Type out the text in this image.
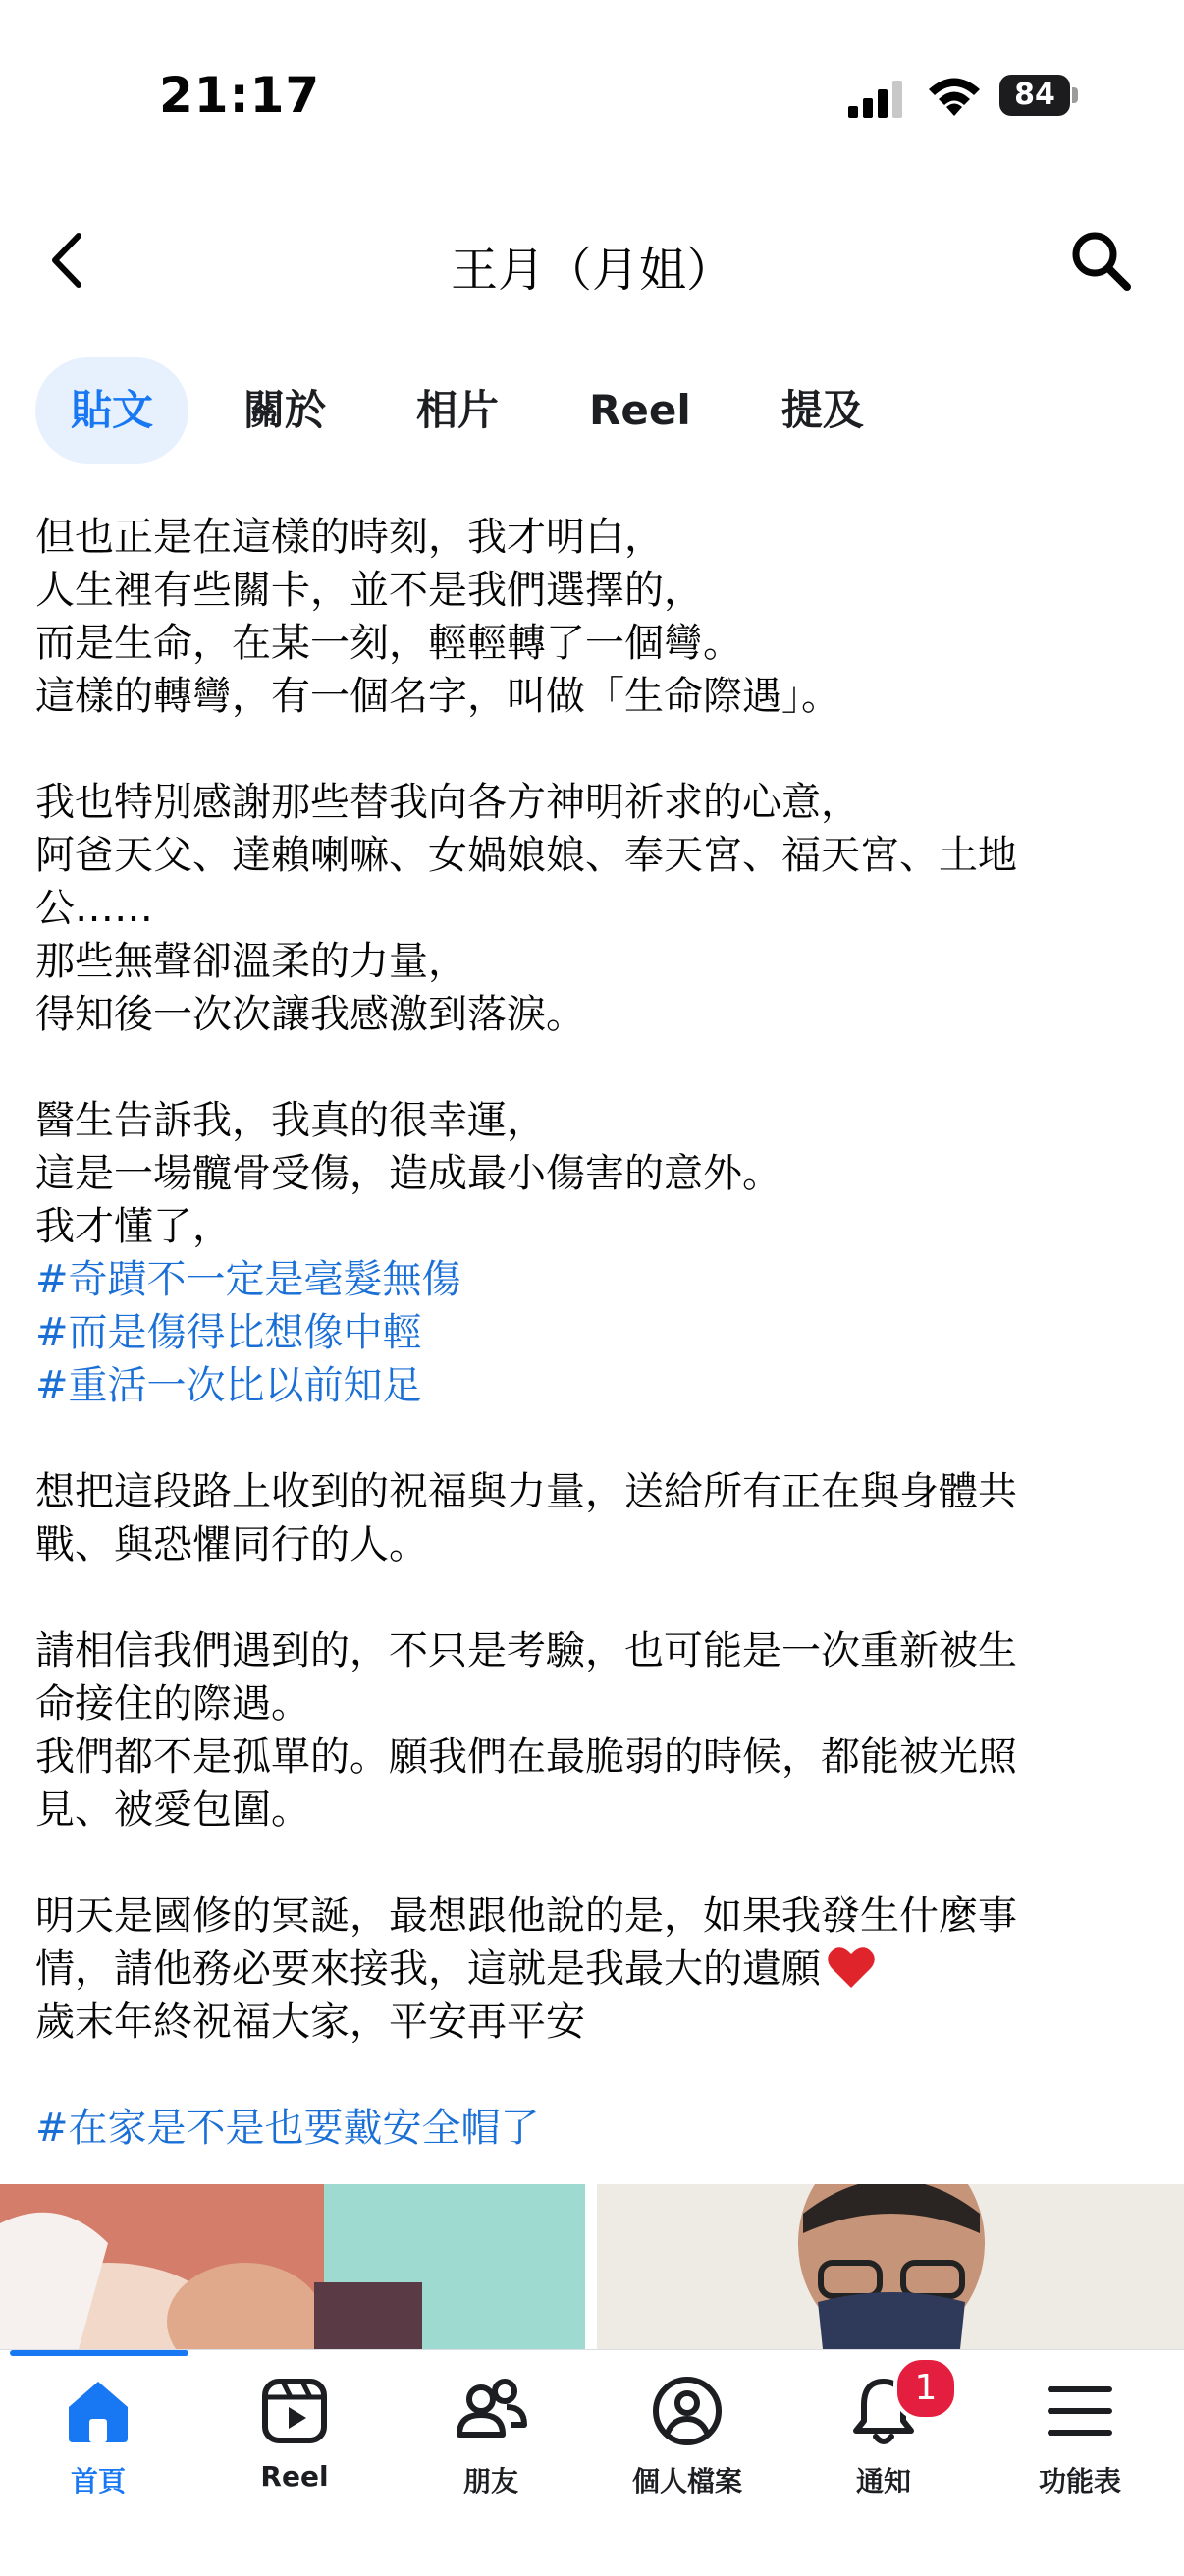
21:17	84
王月（月姐）
貼文	關於	相片	Reel	提及
但也正是在這樣的時刻，我才明白，
人生裡有些關卡，並不是我們選擇的，
而是生命，在某一刻，輕輕轉了一個彎。
這樣的轉彎，有一個名字，叫做「生命際遇」。
我也特別感謝那些替我向各方神明祈求的心意，
阿爸天父、達賴喇嘛、女媧娘娘、奉天宮、福天宮、土地
公……
那些無聲卻溫柔的力量，
得知後一次次讓我感激到落淚。
醫生告訴我，我真的很幸運，
這是一場髖骨受傷，造成最小傷害的意外。
我才懂了，
#奇蹟不一定是毫髮無傷
#而是傷得比想像中輕
#重活一次比以前知足
想把這段路上收到的祝福與力量，送給所有正在與身體共
戰、與恐懼同行的人。
請相信我們遇到的，不只是考驗，也可能是一次重新被生
命接住的際遇。
我們都不是孤單的。願我們在最脆弱的時候，都能被光照
見、被愛包圍。
明天是國修的冥誕，最想跟他說的是，如果我發生什麼事
情，請他務必要來接我，這就是我最大的遺願
歲末年終祝福大家，平安再平安
#在家是不是也要戴安全帽了
首頁	Reel	朋友	個人檔案
1
通知	功能表
